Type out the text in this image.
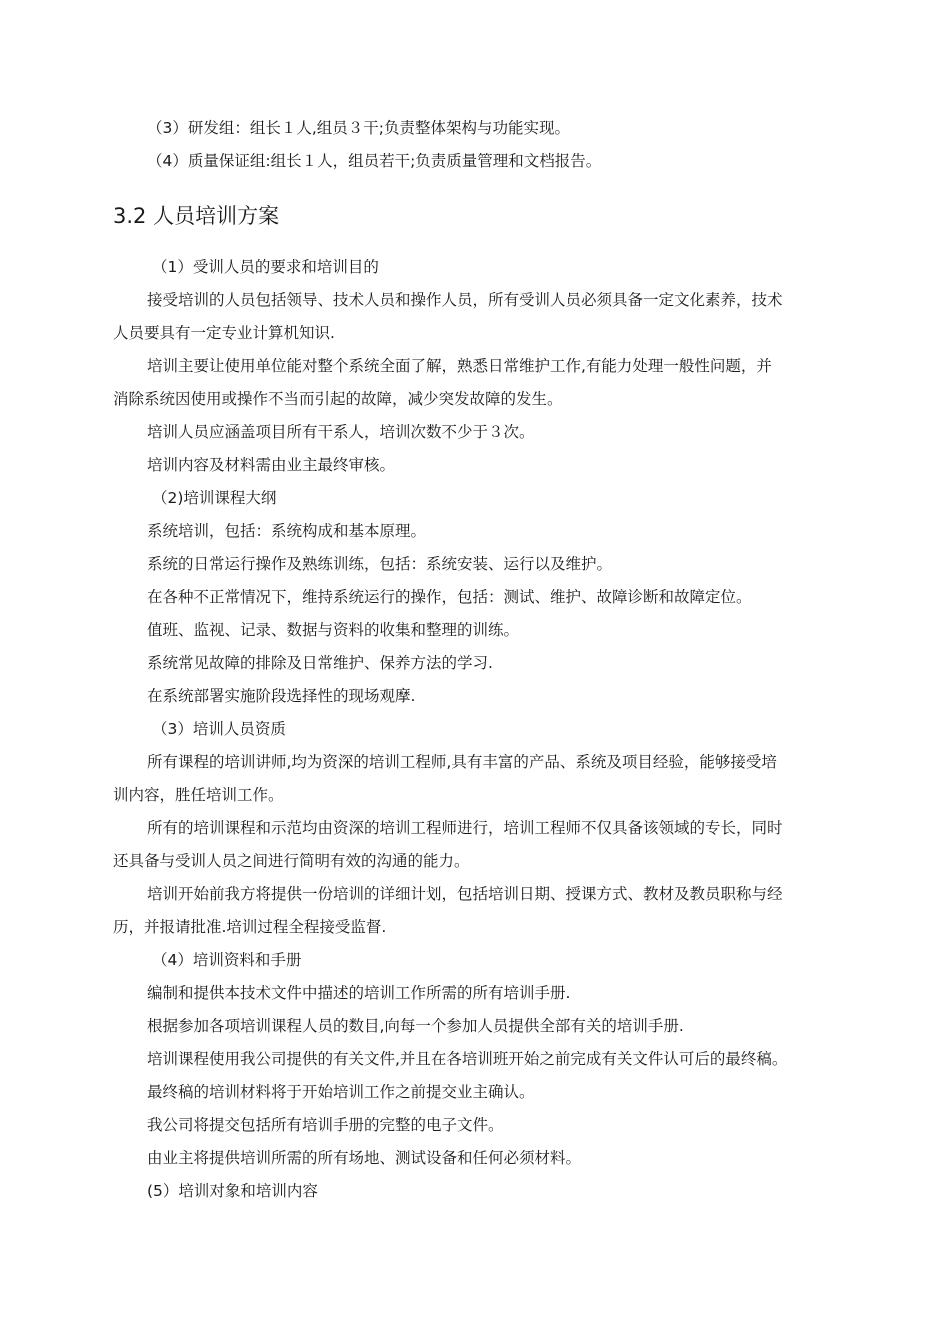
（3）研发组：组长１人,组员３干;负责整体架构与功能实现。
（4）质量保证组:组长１人，组员若干;负责质量管理和文档报告。
3.2 人员培训方案
（1）受训人员的要求和培训目的
接受培训的人员包括领导、技术人员和操作人员，所有受训人员必须具备一定文化素养，技术
人员要具有一定专业计算机知识.
培训主要让使用单位能对整个系统全面了解，熟悉日常维护工作,有能力处理一般性问题，并
消除系统因使用或操作不当而引起的故障，减少突发故障的发生。
培训人员应涵盖项目所有干系人，培训次数不少于３次。
培训内容及材料需由业主最终审核。
（2)培训课程大纲
系统培训，包括：系统构成和基本原理。
系统的日常运行操作及熟练训练，包括：系统安装、运行以及维护。
在各种不正常情况下，维持系统运行的操作，包括：测试、维护、故障诊断和故障定位。
值班、监视、记录、数据与资料的收集和整理的训练。
系统常见故障的排除及日常维护、保养方法的学习.
在系统部署实施阶段选择性的现场观摩.
（3）培训人员资质
所有课程的培训讲师,均为资深的培训工程师,具有丰富的产品、系统及项目经验，能够接受培
训内容，胜任培训工作。
所有的培训课程和示范均由资深的培训工程师进行，培训工程师不仅具备该领域的专长，同时
还具备与受训人员之间进行简明有效的沟通的能力。
培训开始前我方将提供一份培训的详细计划，包括培训日期、授课方式、教材及教员职称与经
历，并报请批准.培训过程全程接受监督.
（4）培训资料和手册
编制和提供本技术文件中描述的培训工作所需的所有培训手册.
根据参加各项培训课程人员的数目,向每一个参加人员提供全部有关的培训手册.
培训课程使用我公司提供的有关文件,并且在各培训班开始之前完成有关文件认可后的最终稿。
最终稿的培训材料将于开始培训工作之前提交业主确认。
我公司将提交包括所有培训手册的完整的电子文件。
由业主将提供培训所需的所有场地、测试设备和任何必须材料。
(5）培训对象和培训内容
